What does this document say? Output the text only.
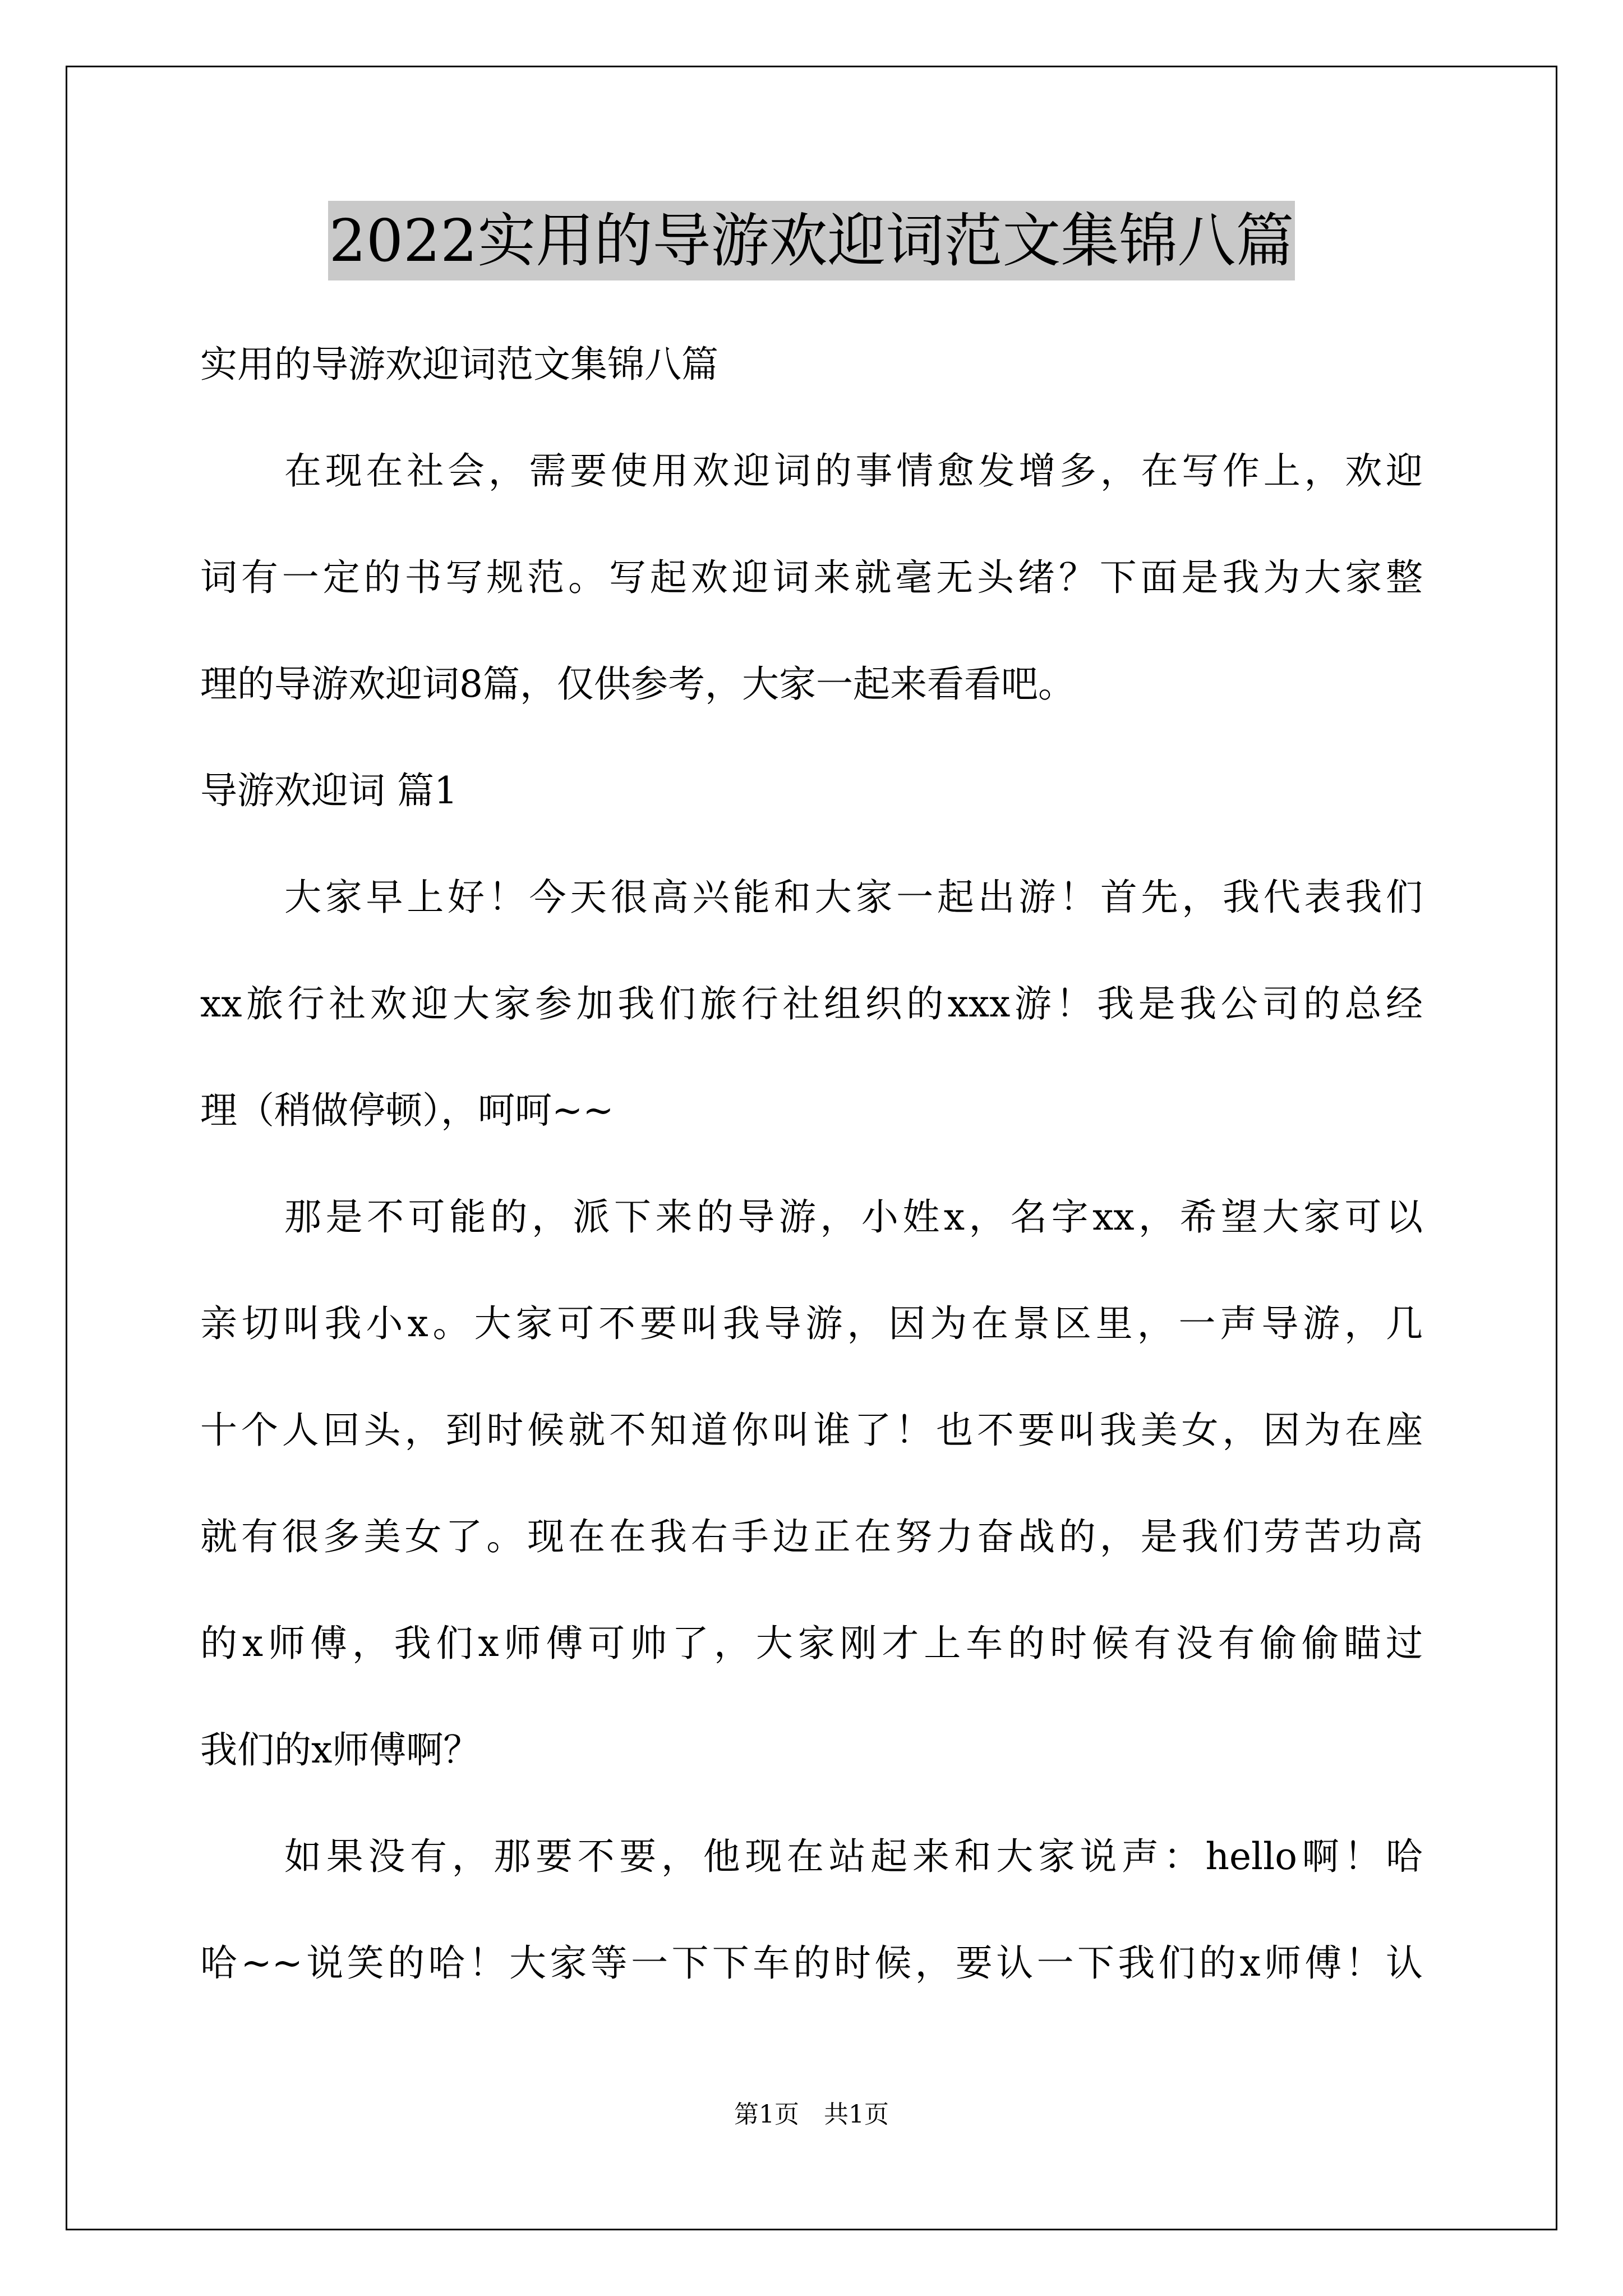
2022实用的导游欢迎词范文集锦八篇
实用的导游欢迎词范文集锦八篇
在现在社会，需要使用欢迎词的事情愈发增多，在写作上，欢迎
词有一定的书写规范。写起欢迎词来就毫无头绪？下面是我为大家整
理的导游欢迎词8篇，仅供参考，大家一起来看看吧。
导游欢迎词 篇1
大家早上好！今天很高兴能和大家一起出游！首先，我代表我们
xx旅行社欢迎大家参加我们旅行社组织的xxx游！我是我公司的总经
理（稍做停顿），呵呵~~
那是不可能的，派下来的导游，小姓x，名字xx，希望大家可以
亲切叫我小x。大家可不要叫我导游，因为在景区里，一声导游，几
十个人回头，到时候就不知道你叫谁了！也不要叫我美女，因为在座
就有很多美女了。现在在我右手边正在努力奋战的，是我们劳苦功高
的x师傅，我们x师傅可帅了，大家刚才上车的时候有没有偷偷瞄过
我们的x师傅啊？
如果没有，那要不要，他现在站起来和大家说声：hello啊！哈
哈~~说笑的哈！大家等一下下车的时候，要认一下我们的x师傅！认
第1页　共1页
